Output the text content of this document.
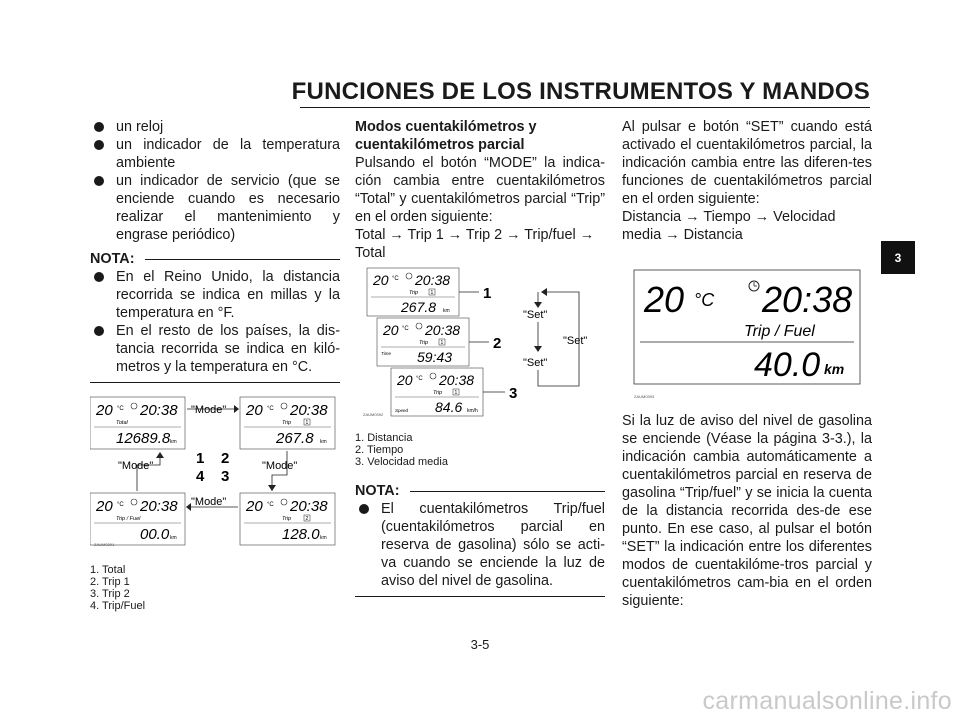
FUNCIONES DE LOS INSTRUMENTOS Y MANDOS
3
un reloj
un indicador de la temperatura ambiente
un indicador de servicio (que se enciende cuando es necesario realizar el mantenimiento y engrase periódico)
NOTA:
En el Reino Unido, la distancia recorrida se indica en millas y la temperatura en °F.
En el resto de los países, la dis-tancia recorrida se indica en kiló-metros y la temperatura en °C.
20 °C 20:38
Total
12689.8 km
20 °C 20:38
Trip	1
267.8 km
20 °C 20:38
Trip / Fuel
00.0 km
20 °C 20:38
Trip	2
128.0 km
"Mode"
"Mode"	"Mode"
"Mode"
1 2
4 3
ZAUM0391
1. Total
2. Trip 1
3. Trip 2
4. Trip/Fuel
Modos cuentakilómetros y cuentakilómetros parcial
Pulsando el botón “MODE” la indica-ción cambia entre cuentakilómetros “Total” y cuentakilómetros parcial “Trip” en el orden siguiente:
Total → Trip 1 → Trip 2 → Trip/fuel → Total
20 °C 20:38
Trip 1
267.8 km
20 °C 20:38
Trip 1
Time 59:43
20 °C 20:38
Trip 1
Speed 84.6 km/h
1
2
3
"Set"
"Set"
"Set"
ZAUM0392
1. Distancia
2. Tiempo
3. Velocidad media
NOTA:
El cuentakilómetros Trip/fuel (cuentakilómetros parcial en reserva de gasolina) sólo se acti-va cuando se enciende la luz de aviso del nivel de gasolina.
Al pulsar e botón “SET” cuando está activado el cuentakilómetros parcial, la indicación cambia entre las diferen-tes funciones de cuentakilómetros parcial en el orden siguiente:
Distancia → Tiempo → Velocidad media → Distancia
20 °C 20:38
Trip / Fuel
40.0 km
ZAUM0393
Si la luz de aviso del nivel de gasolina se enciende (Véase la página 3-3.), la indicación cambia automáticamente a cuentakilómetros parcial en reserva de gasolina “Trip/fuel” y se inicia la cuenta de la distancia recorrida des-de ese punto. En ese caso, al pulsar el botón “SET” la indicación entre los diferentes modos de cuentakilóme-tros parcial y cuentakilómetros cam-bia en el orden siguiente:
3-5
carmanualsonline.info
